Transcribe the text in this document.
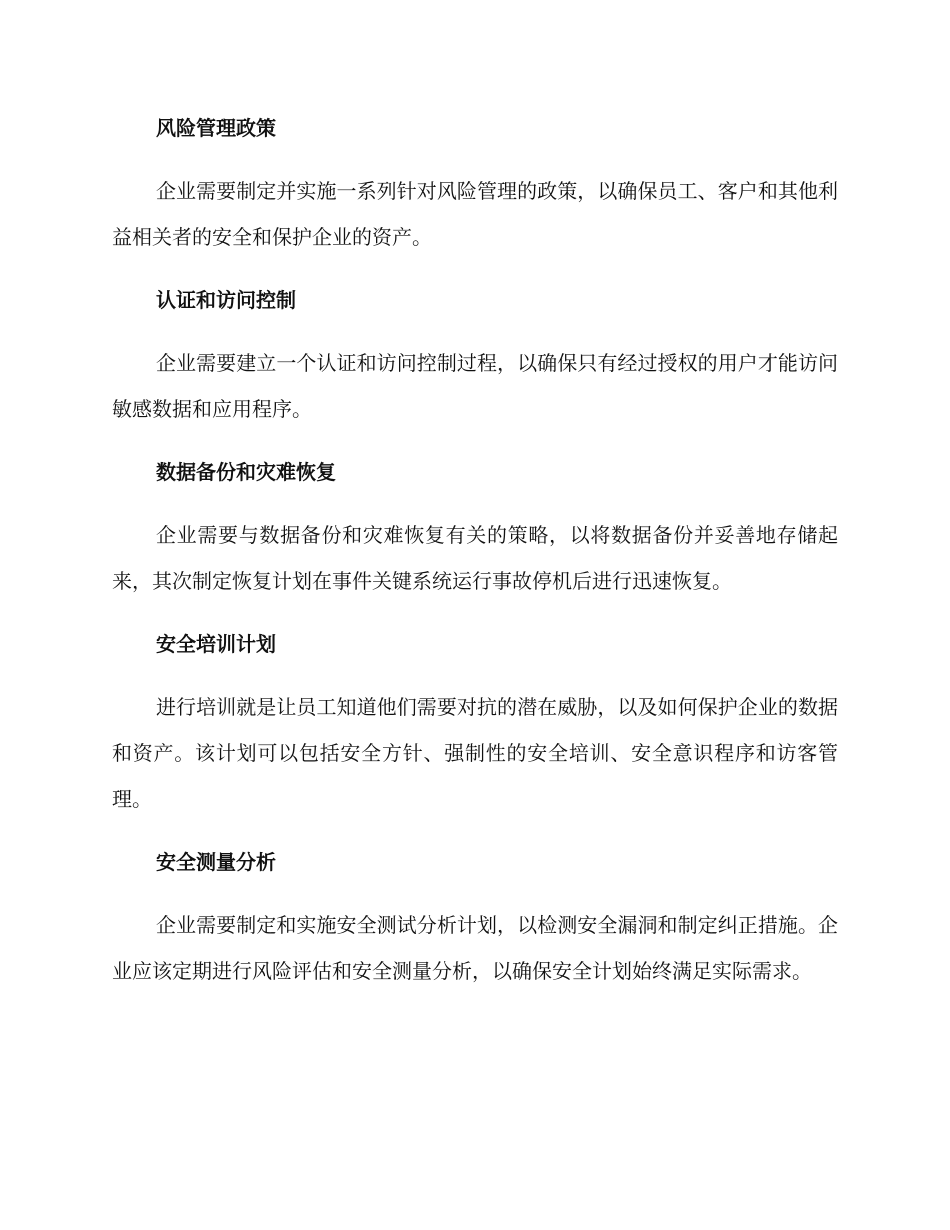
风险管理政策

企业需要制定并实施一系列针对风险管理的政策，以确保员工、客户和其他利益相关者的安全和保护企业的资产。

认证和访问控制

企业需要建立一个认证和访问控制过程，以确保只有经过授权的用户才能访问敏感数据和应用程序。

数据备份和灾难恢复

企业需要与数据备份和灾难恢复有关的策略，以将数据备份并妥善地存储起来，其次制定恢复计划在事件关键系统运行事故停机后进行迅速恢复。

安全培训计划

进行培训就是让员工知道他们需要对抗的潜在威胁，以及如何保护企业的数据和资产。该计划可以包括安全方针、强制性的安全培训、安全意识程序和访客管理。

安全测量分析

企业需要制定和实施安全测试分析计划，以检测安全漏洞和制定纠正措施。企业应该定期进行风险评估和安全测量分析，以确保安全计划始终满足实际需求。
